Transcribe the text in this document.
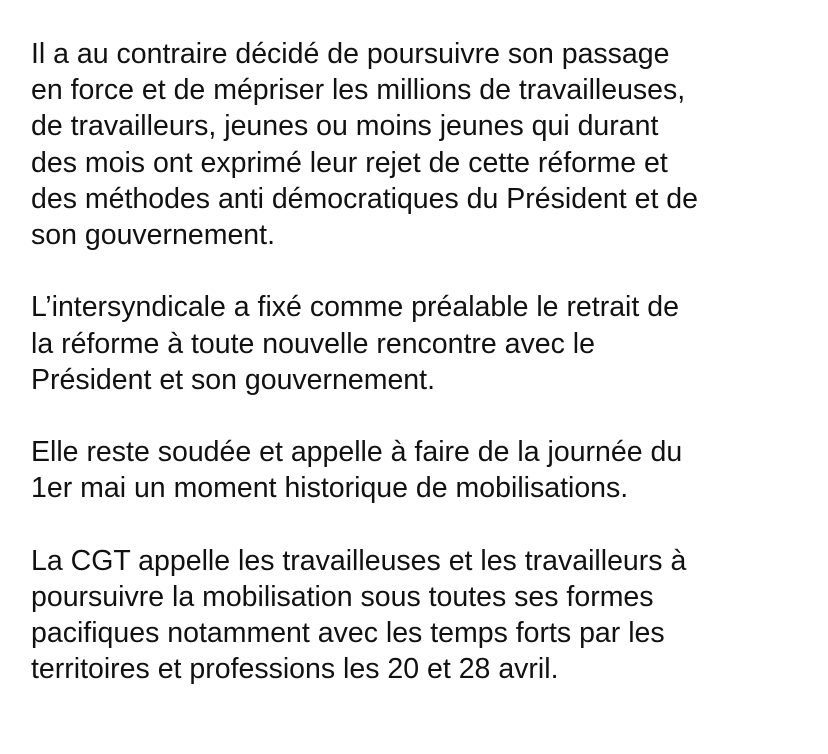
Il a au contraire décidé de poursuivre son passage
en force et de mépriser les millions de travailleuses,
de travailleurs, jeunes ou moins jeunes qui durant
des mois ont exprimé leur rejet de cette réforme et
des méthodes anti démocratiques du Président et de
son gouvernement.

L’intersyndicale a fixé comme préalable le retrait de
la réforme à toute nouvelle rencontre avec le
Président et son gouvernement.

Elle reste soudée et appelle à faire de la journée du
1er mai un moment historique de mobilisations.

La CGT appelle les travailleuses et les travailleurs à
poursuivre la mobilisation sous toutes ses formes
pacifiques notamment avec les temps forts par les
territoires et professions les 20 et 28 avril.
